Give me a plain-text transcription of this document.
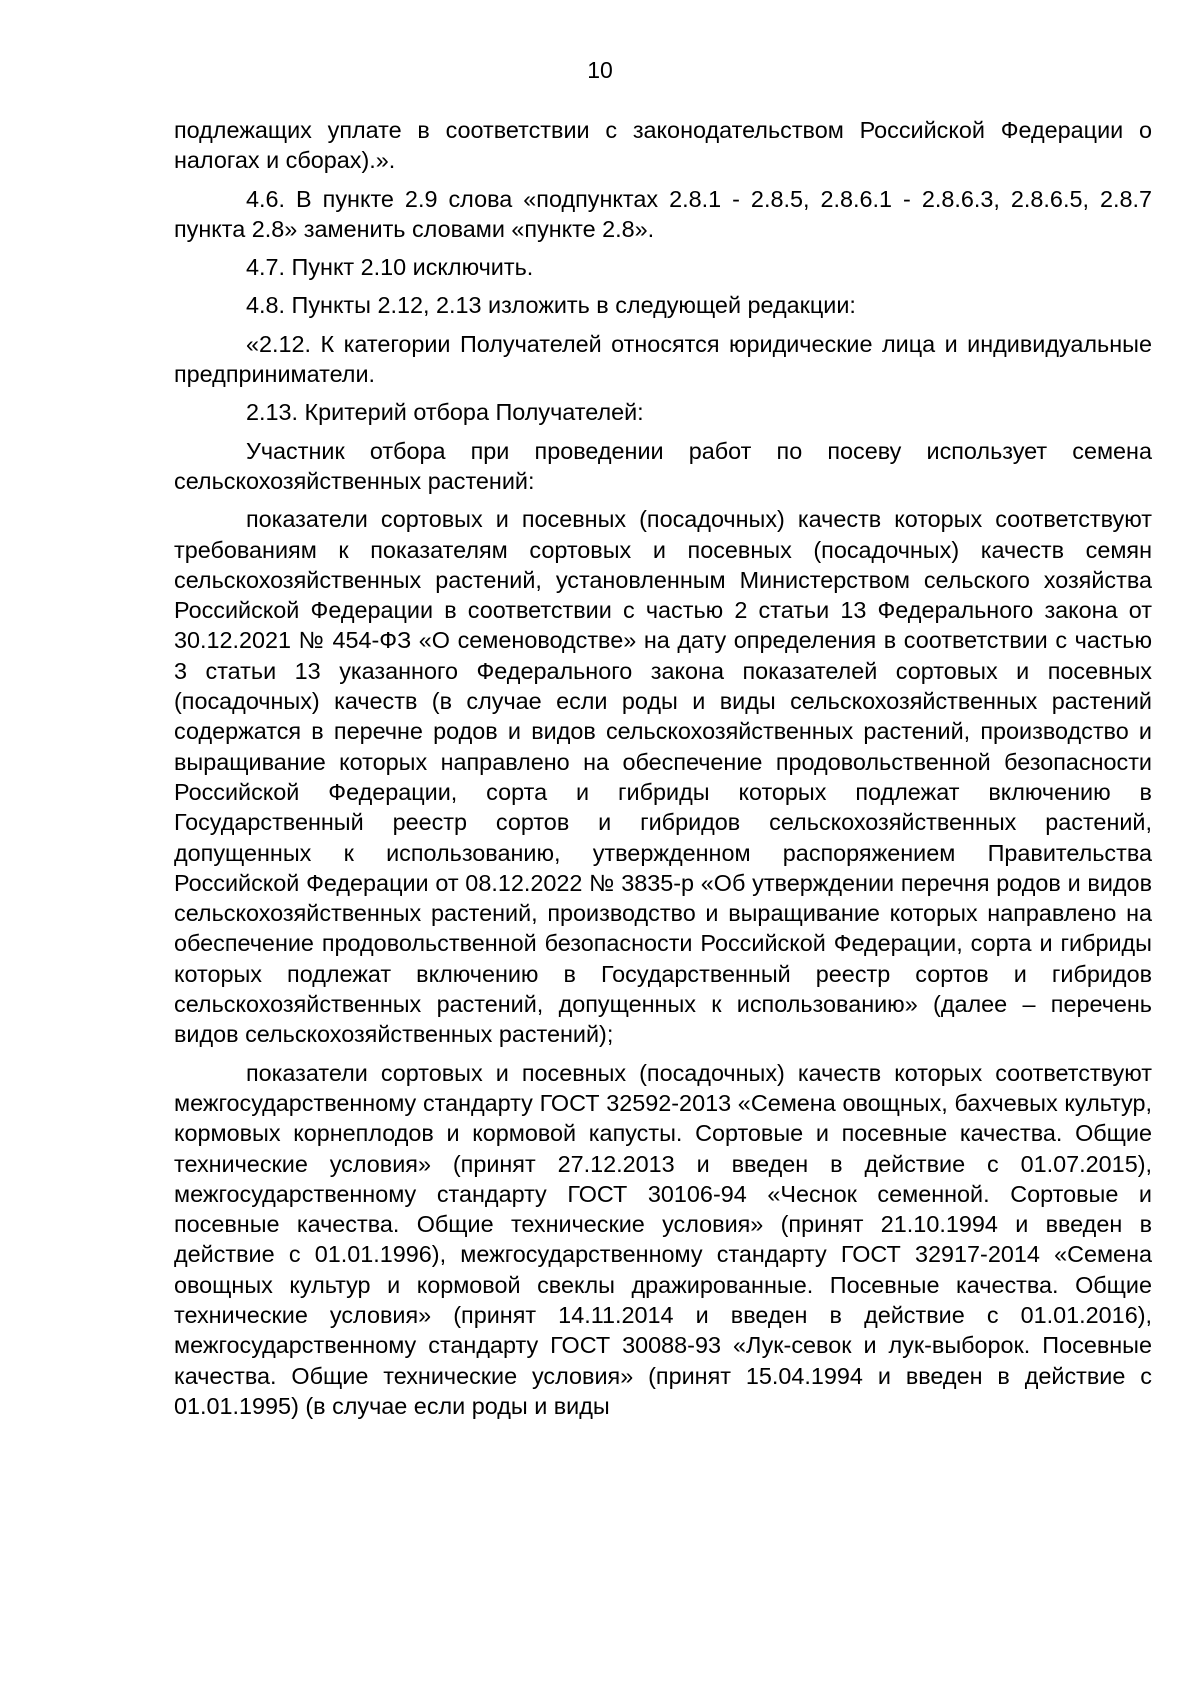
10

подлежащих уплате в соответствии с законодательством Российской Федерации о налогах и сборах).».

4.6. В пункте 2.9 слова «подпунктах 2.8.1 - 2.8.5, 2.8.6.1 - 2.8.6.3, 2.8.6.5, 2.8.7 пункта 2.8» заменить словами «пункте 2.8».

4.7. Пункт 2.10 исключить.

4.8. Пункты 2.12, 2.13 изложить в следующей редакции:

«2.12. К категории Получателей относятся юридические лица и индивидуальные предприниматели.

2.13. Критерий отбора Получателей:

Участник отбора при проведении работ по посеву использует семена сельскохозяйственных растений:

показатели сортовых и посевных (посадочных) качеств которых соответствуют требованиям к показателям сортовых и посевных (посадочных) качеств семян сельскохозяйственных растений, установленным Министерством сельского хозяйства Российской Федерации в соответствии с частью 2 статьи 13 Федерального закона от 30.12.2021 № 454-ФЗ «О семеноводстве» на дату определения в соответствии с частью 3 статьи 13 указанного Федерального закона показателей сортовых и посевных (посадочных) качеств (в случае если роды и виды сельскохозяйственных растений содержатся в перечне родов и видов сельскохозяйственных растений, производство и выращивание которых направлено на обеспечение продовольственной безопасности Российской Федерации, сорта и гибриды которых подлежат включению в Государственный реестр сортов и гибридов сельскохозяйственных растений, допущенных к использованию, утвержденном распоряжением Правительства Российской Федерации от 08.12.2022 № 3835-р «Об утверждении перечня родов и видов сельскохозяйственных растений, производство и выращивание которых направлено на обеспечение продовольственной безопасности Российской Федерации, сорта и гибриды которых подлежат включению в Государственный реестр сортов и гибридов сельскохозяйственных растений, допущенных к использованию» (далее – перечень видов сельскохозяйственных растений);

показатели сортовых и посевных (посадочных) качеств которых соответствуют межгосударственному стандарту ГОСТ 32592-2013 «Семена овощных, бахчевых культур, кормовых корнеплодов и кормовой капусты. Сортовые и посевные качества. Общие технические условия» (принят 27.12.2013 и введен в действие с 01.07.2015), межгосударственному стандарту ГОСТ 30106-94 «Чеснок семенной. Сортовые и посевные качества. Общие технические условия» (принят 21.10.1994 и введен в действие с 01.01.1996), межгосударственному стандарту ГОСТ 32917-2014 «Семена овощных культур и кормовой свеклы дражированные. Посевные качества. Общие технические условия» (принят 14.11.2014 и введен в действие с 01.01.2016), межгосударственному стандарту ГОСТ 30088-93 «Лук-севок и лук-выборок. Посевные качества. Общие технические условия» (принят 15.04.1994 и введен в действие с 01.01.1995) (в случае если роды и виды
